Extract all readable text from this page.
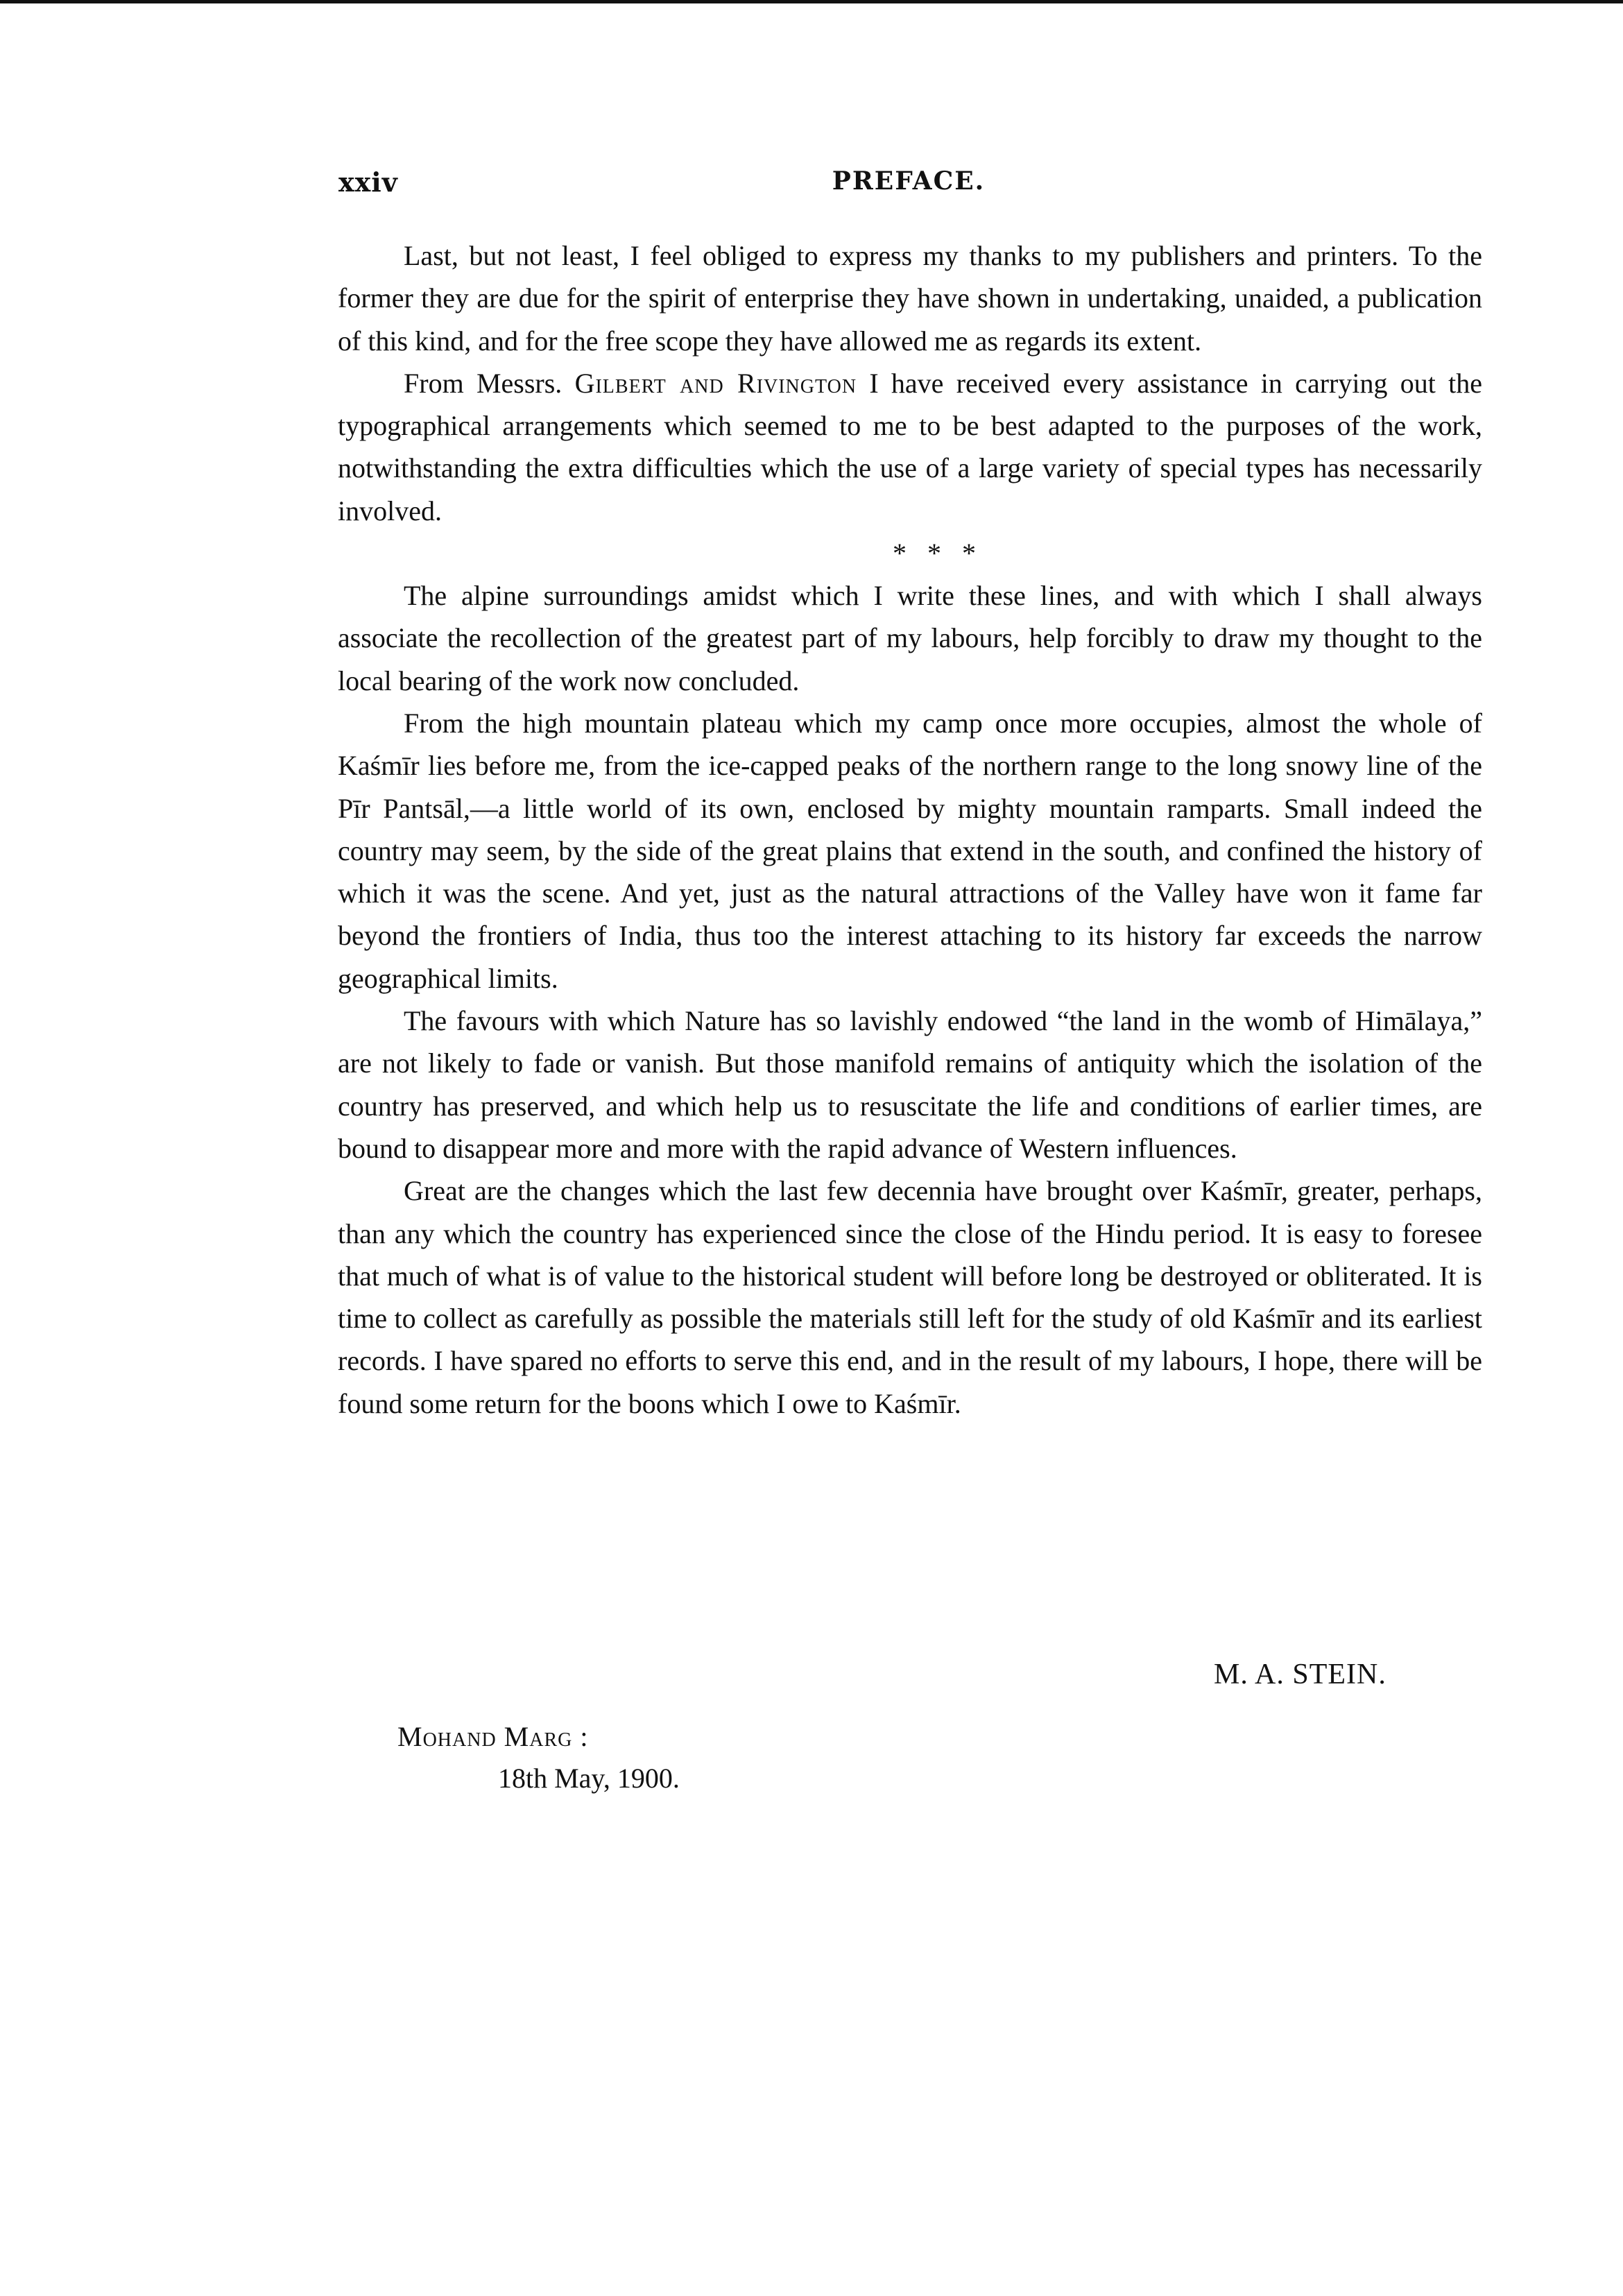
xxiv	PREFACE.

Last, but not least, I feel obliged to express my thanks to my publishers and printers. To the former they are due for the spirit of enterprise they have shown in undertaking, unaided, a publication of this kind, and for the free scope they have allowed me as regards its extent.

From Messrs. Gilbert and Rivington I have received every assistance in carrying out the typographical arrangements which seemed to me to be best adapted to the purposes of the work, notwithstanding the extra difficulties which the use of a large variety of special types has necessarily involved.

* * *

The alpine surroundings amidst which I write these lines, and with which I shall always associate the recollection of the greatest part of my labours, help forcibly to draw my thought to the local bearing of the work now concluded.

From the high mountain plateau which my camp once more occupies, almost the whole of Kaśmīr lies before me, from the ice-capped peaks of the northern range to the long snowy line of the Pīr Pantsāl,—a little world of its own, enclosed by mighty mountain ramparts. Small indeed the country may seem, by the side of the great plains that extend in the south, and confined the history of which it was the scene. And yet, just as the natural attractions of the Valley have won it fame far beyond the frontiers of India, thus too the interest attaching to its history far exceeds the narrow geographical limits.

The favours with which Nature has so lavishly endowed “the land in the womb of Himālaya,” are not likely to fade or vanish. But those manifold remains of antiquity which the isolation of the country has preserved, and which help us to resuscitate the life and conditions of earlier times, are bound to disappear more and more with the rapid advance of Western influences.

Great are the changes which the last few decennia have brought over Kaśmīr, greater, perhaps, than any which the country has experienced since the close of the Hindu period. It is easy to foresee that much of what is of value to the historical student will before long be destroyed or obliterated. It is time to collect as carefully as possible the materials still left for the study of old Kaśmīr and its earliest records. I have spared no efforts to serve this end, and in the result of my labours, I hope, there will be found some return for the boons which I owe to Kaśmīr.

M. A. STEIN.
Mohand Marg :
18th May, 1900.
